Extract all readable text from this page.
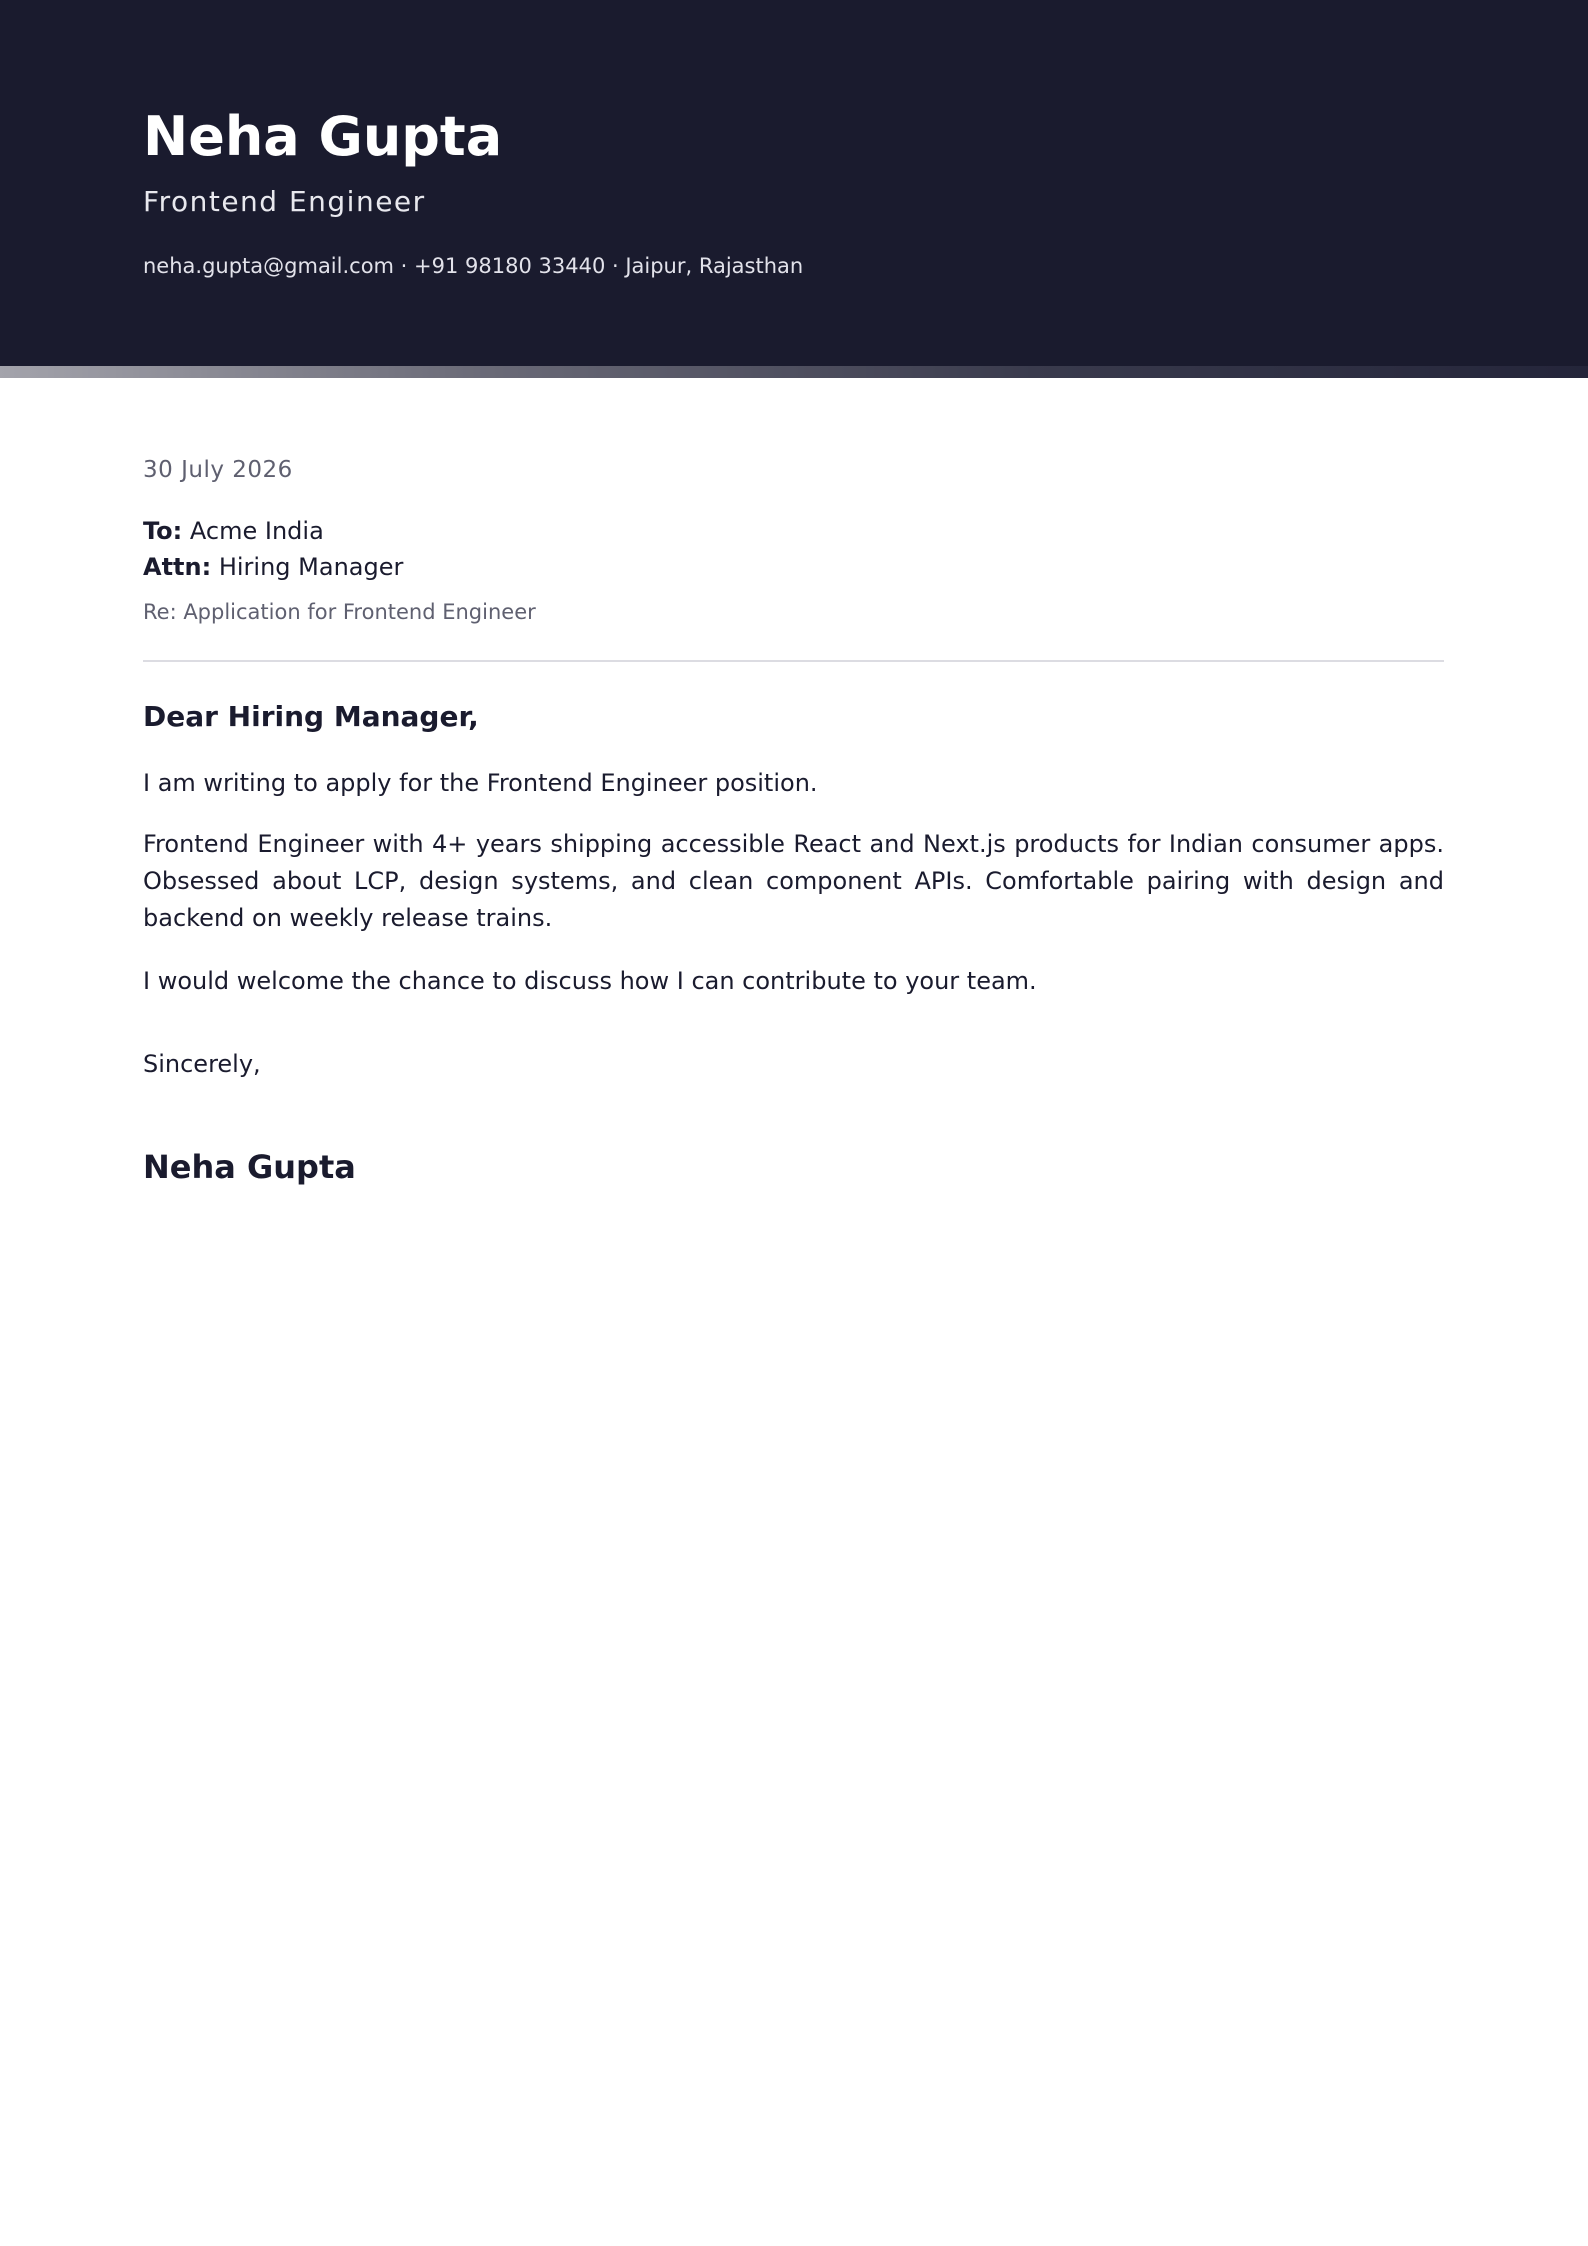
Neha Gupta
Frontend Engineer
neha.gupta@gmail.com · +91 98180 33440 · Jaipur, Rajasthan
30 July 2026
To: Acme India
Attn: Hiring Manager
Re: Application for Frontend Engineer
Dear Hiring Manager,

I am writing to apply for the Frontend Engineer position.

Frontend Engineer with 4+ years shipping accessible React and Next.js products for Indian consumer apps. Obsessed about LCP, design systems, and clean component APIs. Comfortable pairing with design and backend on weekly release trains.

I would welcome the chance to discuss how I can contribute to your team.

Sincerely,
Neha Gupta
